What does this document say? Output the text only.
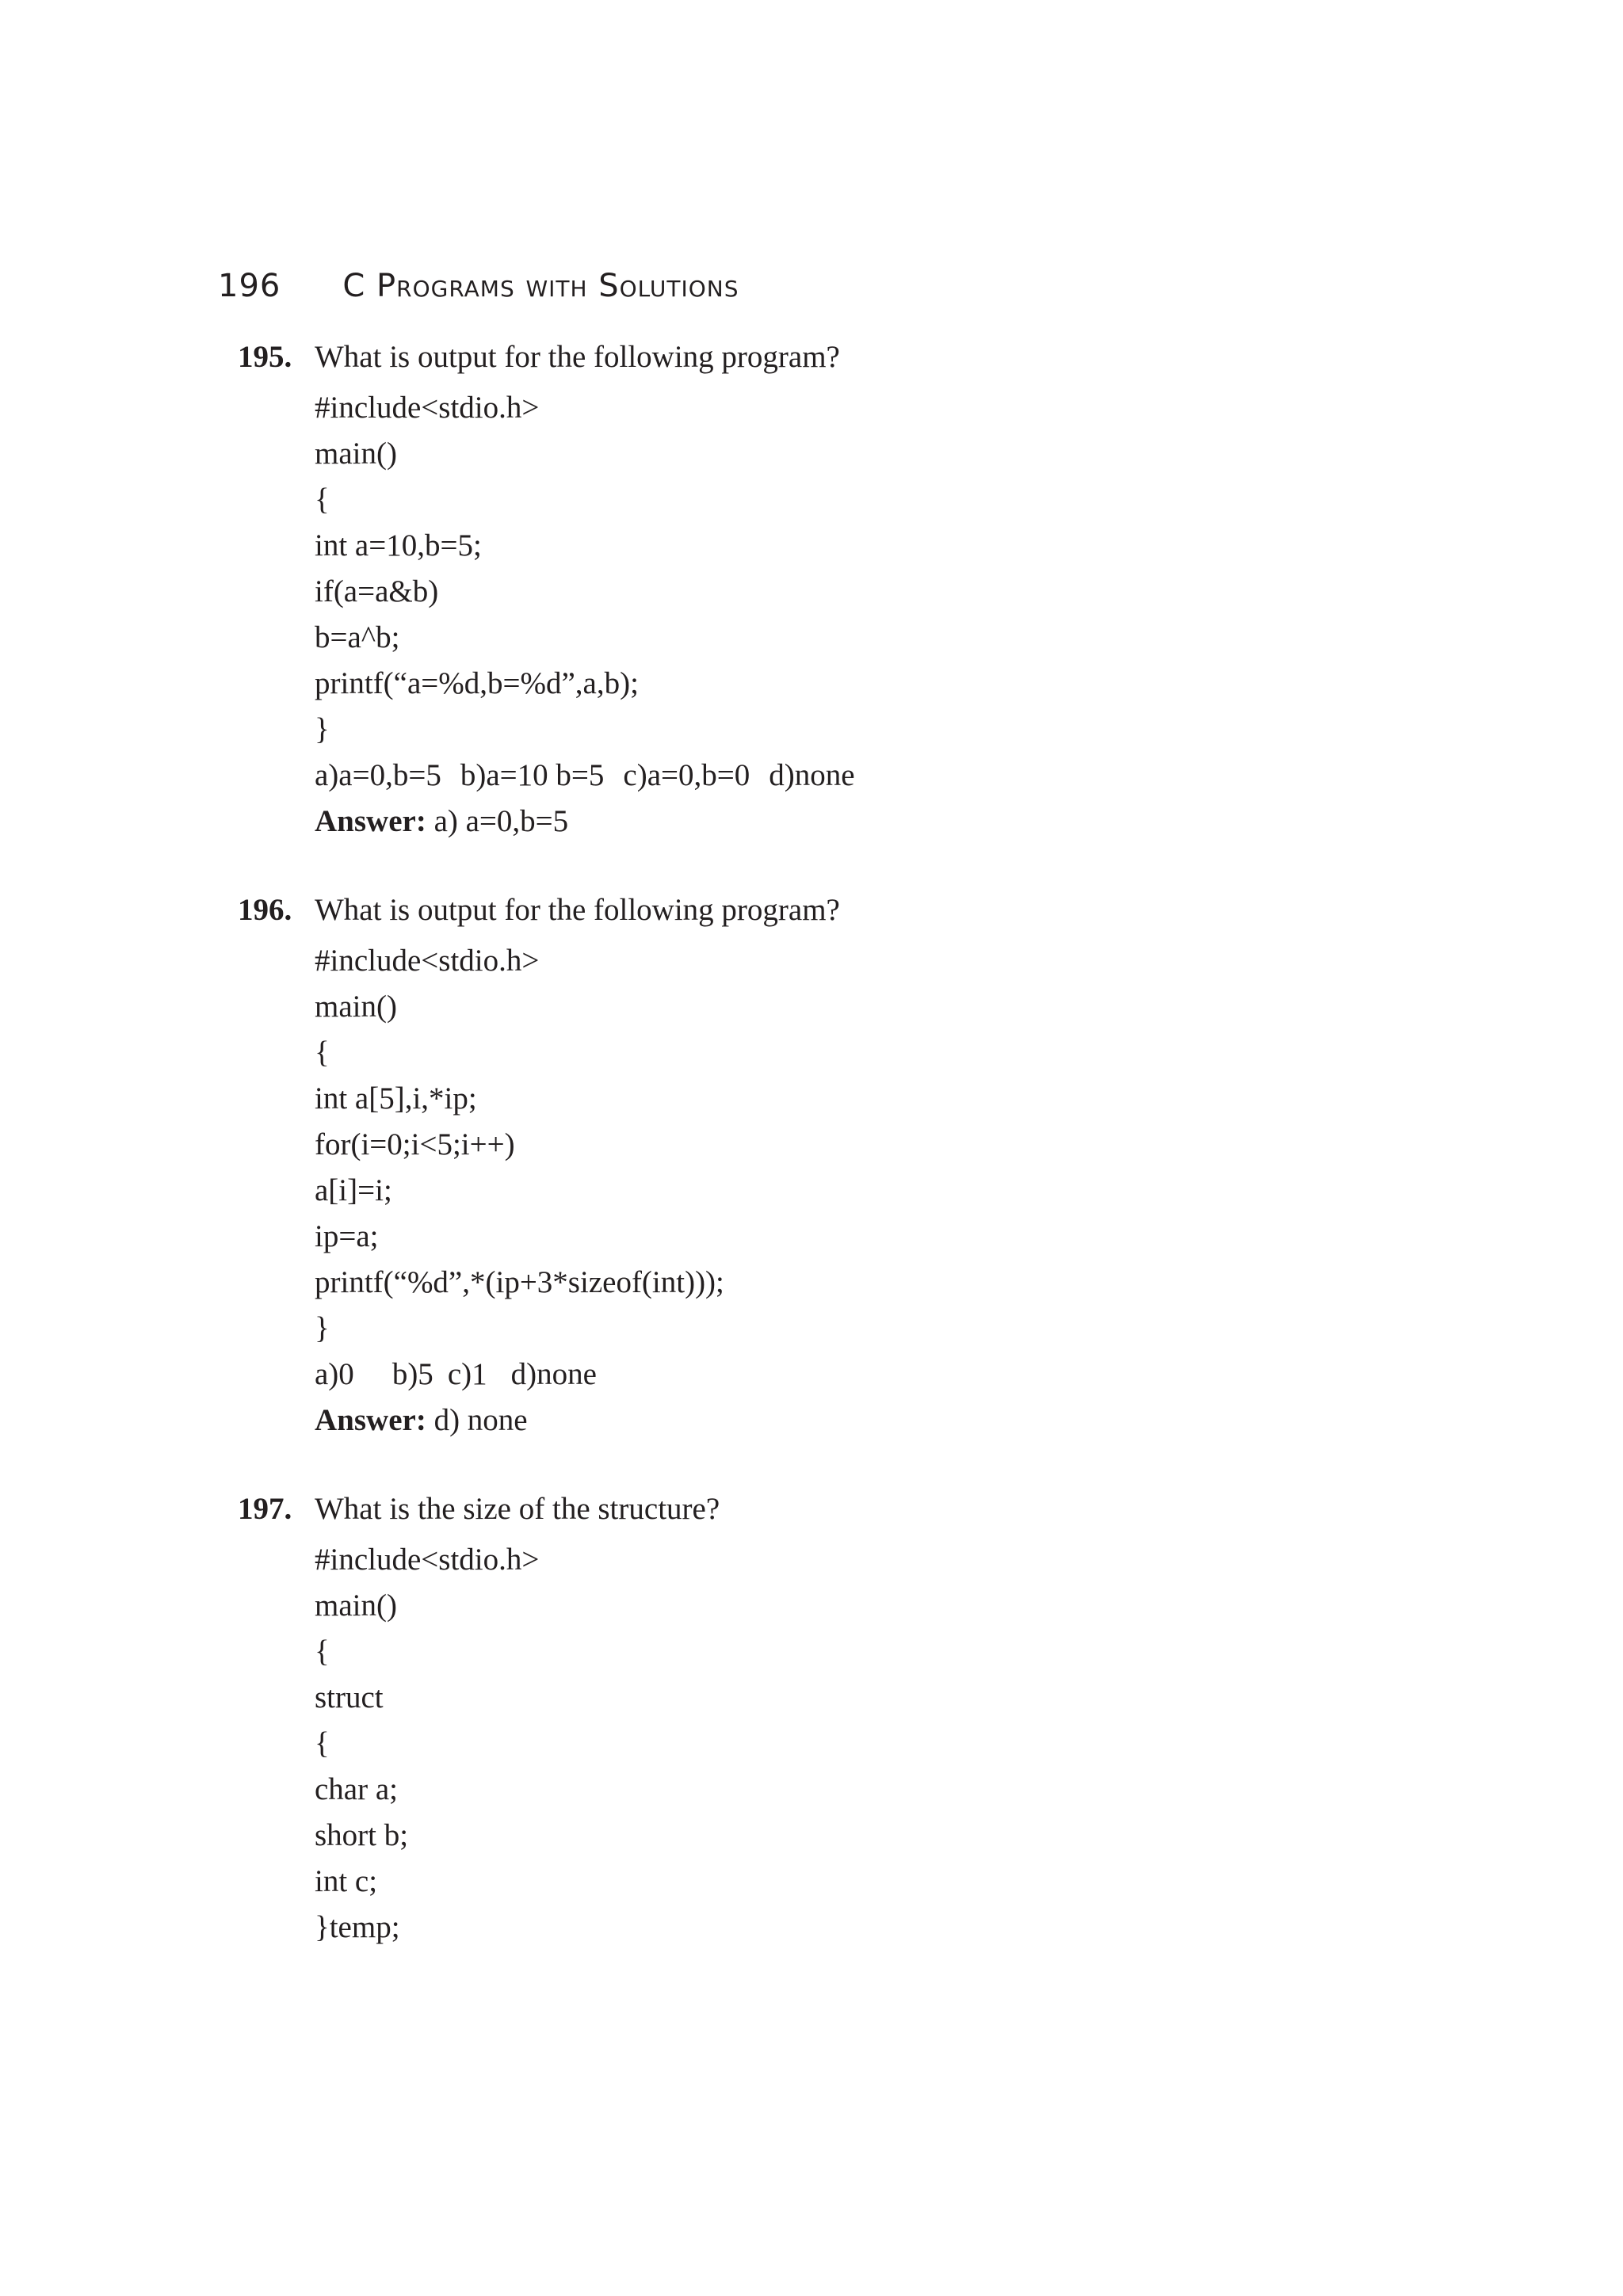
196 C Programs with Solutions
195. What is output for the following program?
#include<stdio.h>
main()
{
int a=10,b=5;
if(a=a&b)
b=a^b;
printf(“a=%d,b=%d”,a,b);
}
a)a=0,b=5 b)a=10 b=5 c)a=0,b=0 d)none
Answer: a) a=0,b=5
196. What is output for the following program?
#include<stdio.h>
main()
{
int a[5],i,*ip;
for(i=0;i<5;i++)
a[i]=i;
ip=a;
printf(“%d”,*(ip+3*sizeof(int)));
}
a)0 b)5 c)1 d)none
Answer: d) none
197. What is the size of the structure?
#include<stdio.h>
main()
{
struct
{
char a;
short b;
int c;
}temp;
